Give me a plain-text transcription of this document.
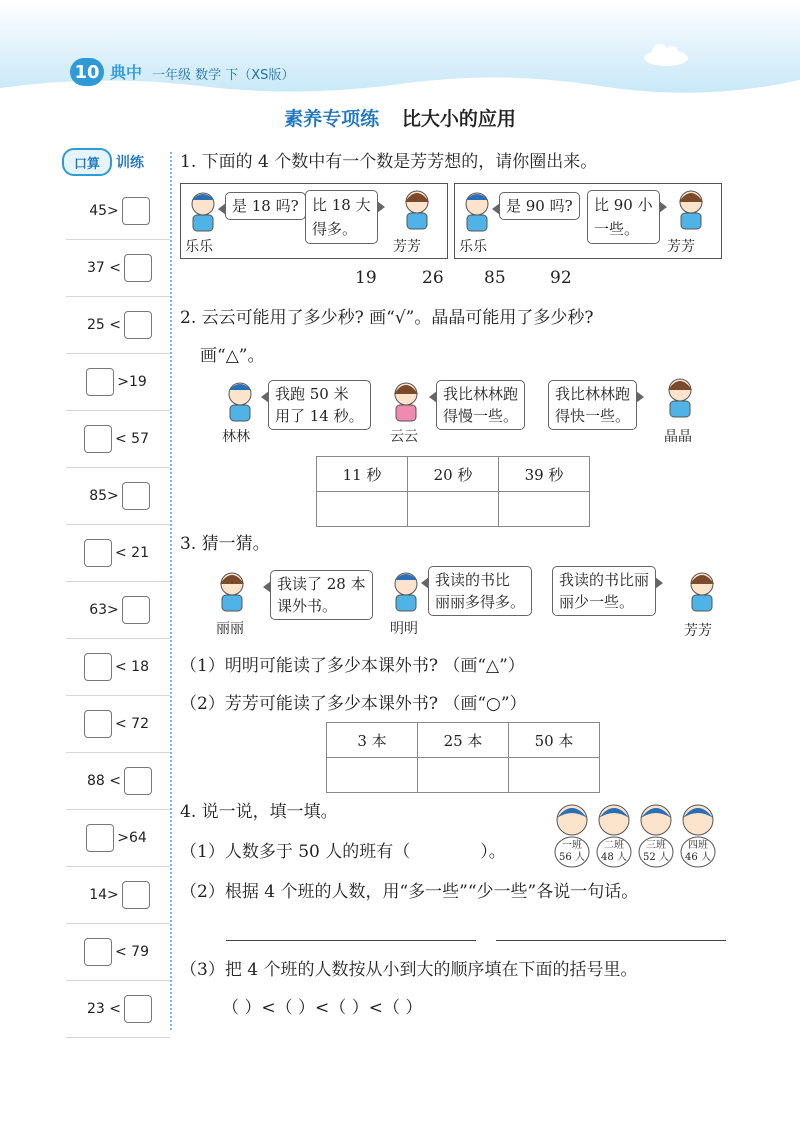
10 典中 一年级 数学 下（XS版）
素养专项练 比大小的应用
口算	训练
45>
37 <
25 <
>19
< 57
85>
< 21
63>
< 18
< 72
88 <
>64
14>
< 79
23 <
1. 下面的 4 个数中有一个数是芳芳想的，请你圈出来。
是 18 吗? 比 18 大
得多。
乐乐	芳芳
是 90 吗?	比 90 小
一些。
乐乐	芳芳
19	26 85	92
2. 云云可能用了多少秒? 画“√”。晶晶可能用了多少秒?
画“△”。
林林
我跑 50 米
用了 14 秒。
云云
我比林林跑
得慢一些。
我比林林跑
得快一些。
晶晶
11 秒	20 秒	39 秒

3. 猜一猜。
丽丽
我读了 28 本
课外书。
明明
我读的书比
丽丽多得多。
我读的书比丽
丽少一些。
芳芳
（1）明明可能读了多少本课外书? （画“△”）
（2）芳芳可能读了多少本课外书? （画“○”）
3 本	25 本	50 本

4. 说一说，填一填。
一班
56 人
二班
48 人
三班
52 人
四班
46 人
（1）人数多于 50 人的班有（	）。
（2）根据 4 个班的人数，用“多一些”“少一些”各说一句话。
（3）把 4 个班的人数按从小到大的顺序填在下面的括号里。
（ ）<（ ）<（ ）<（ ）
